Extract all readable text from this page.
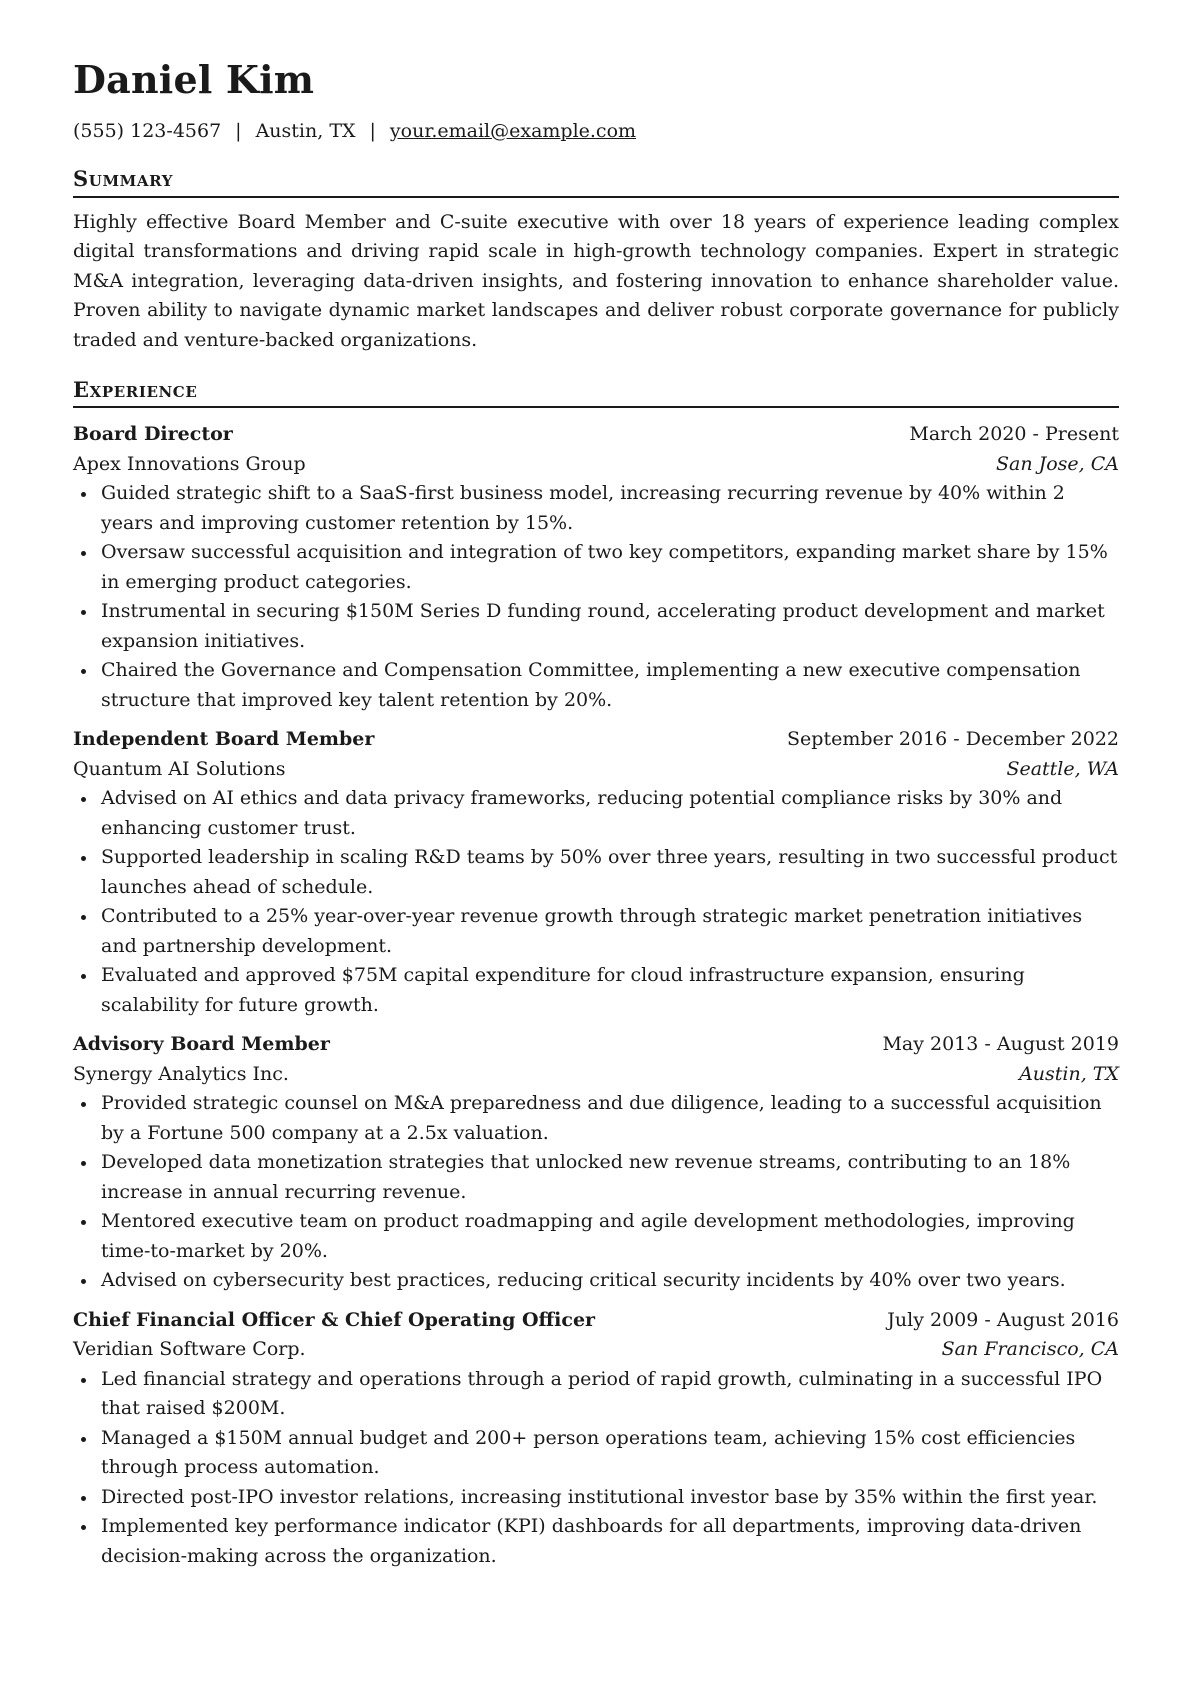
Daniel Kim
(555) 123-4567 | Austin, TX | your.email@example.com
Summary

Highly effective Board Member and C-suite executive with over 18 years of experience leading complex digital transformations and driving rapid scale in high-growth technology companies. Expert in strategic M&A integration, leveraging data-driven insights, and fostering innovation to enhance shareholder value. Proven ability to navigate dynamic market landscapes and deliver robust corporate governance for publicly traded and venture-backed organizations.

Experience
Board Director	March 2020 - Present
Apex Innovations Group	San Jose, CA
Guided strategic shift to a SaaS-first business model, increasing recurring revenue by 40% within 2 years and improving customer retention by 15%.
Oversaw successful acquisition and integration of two key competitors, expanding market share by 15% in emerging product categories.
Instrumental in securing $150M Series D funding round, accelerating product development and market expansion initiatives.
Chaired the Governance and Compensation Committee, implementing a new executive compensation structure that improved key talent retention by 20%.
Independent Board Member	September 2016 - December 2022
Quantum AI Solutions	Seattle, WA
Advised on AI ethics and data privacy frameworks, reducing potential compliance risks by 30% and enhancing customer trust.
Supported leadership in scaling R&D teams by 50% over three years, resulting in two successful product launches ahead of schedule.
Contributed to a 25% year-over-year revenue growth through strategic market penetration initiatives and partnership development.
Evaluated and approved $75M capital expenditure for cloud infrastructure expansion, ensuring scalability for future growth.
Advisory Board Member	May 2013 - August 2019
Synergy Analytics Inc.	Austin, TX
Provided strategic counsel on M&A preparedness and due diligence, leading to a successful acquisition by a Fortune 500 company at a 2.5x valuation.
Developed data monetization strategies that unlocked new revenue streams, contributing to an 18% increase in annual recurring revenue.
Mentored executive team on product roadmapping and agile development methodologies, improving time-to-market by 20%.
Advised on cybersecurity best practices, reducing critical security incidents by 40% over two years.
Chief Financial Officer & Chief Operating Officer	July 2009 - August 2016
Veridian Software Corp.	San Francisco, CA
Led financial strategy and operations through a period of rapid growth, culminating in a successful IPO that raised $200M.
Managed a $150M annual budget and 200+ person operations team, achieving 15% cost efficiencies through process automation.
Directed post-IPO investor relations, increasing institutional investor base by 35% within the first year.
Implemented key performance indicator (KPI) dashboards for all departments, improving data-driven decision-making across the organization.
